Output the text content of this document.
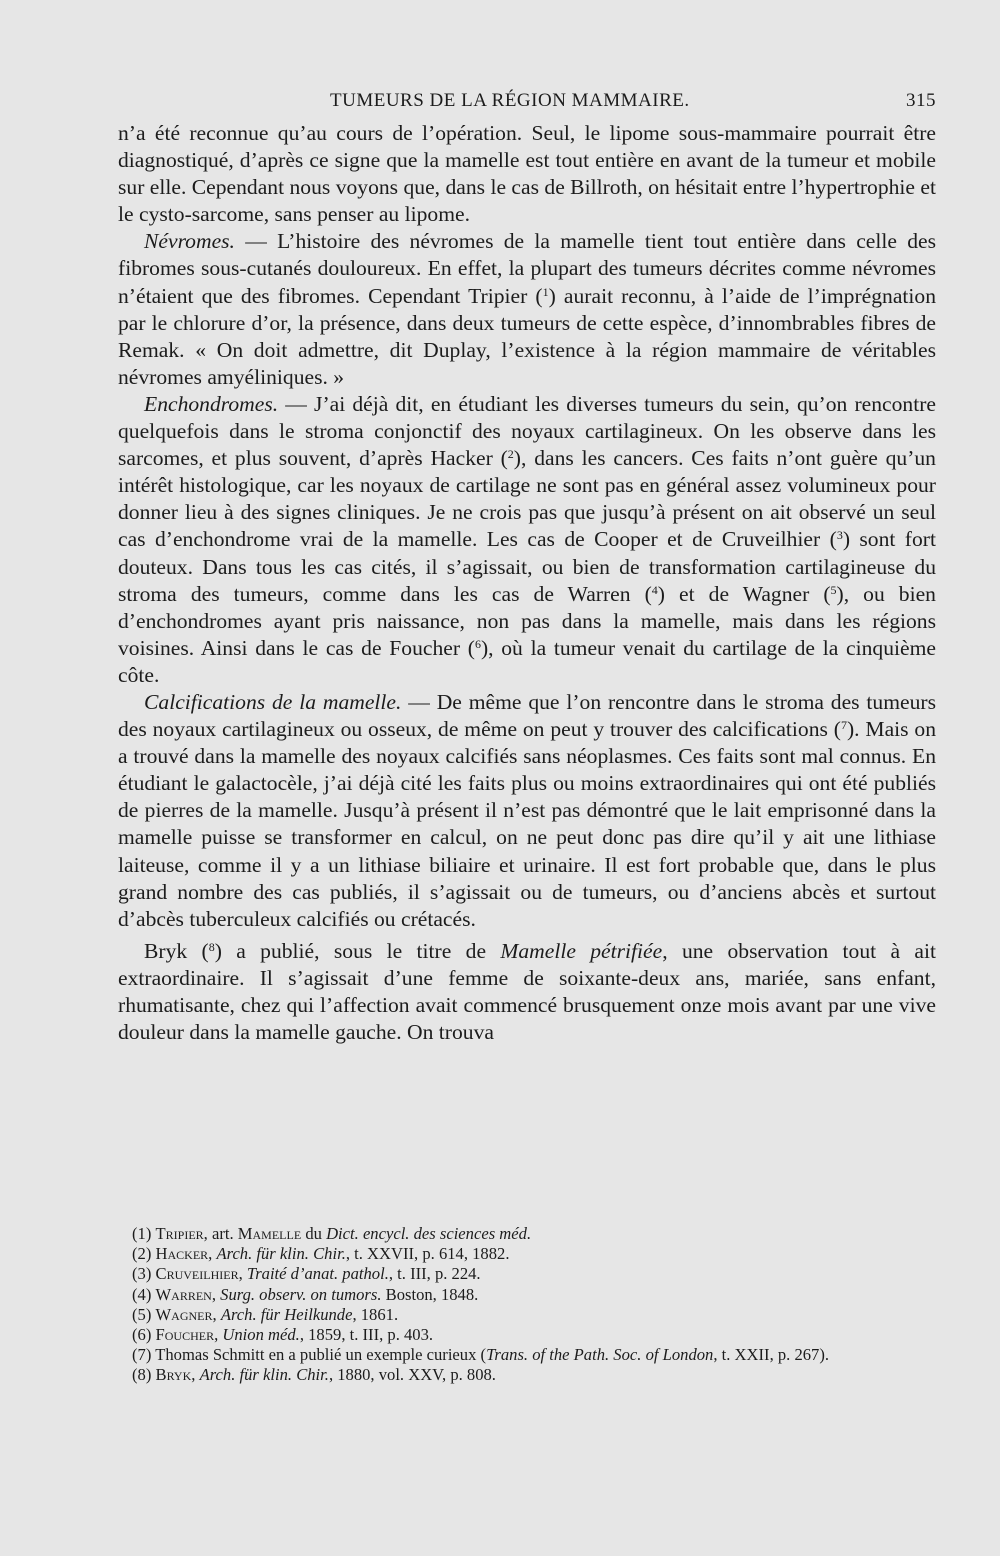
TUMEURS DE LA RÉGION MAMMAIRE.	315

n’a été reconnue qu’au cours de l’opération. Seul, le lipome sous-mammaire pourrait être diagnostiqué, d’après ce signe que la mamelle est tout entière en avant de la tumeur et mobile sur elle. Cependant nous voyons que, dans le cas de Billroth, on hésitait entre l’hypertrophie et le cysto-sarcome, sans penser au lipome.

Névromes. — L’histoire des névromes de la mamelle tient tout entière dans celle des fibromes sous-cutanés douloureux. En effet, la plupart des tumeurs décrites comme névromes n’étaient que des fibromes. Cependant Tripier ($^1$) aurait reconnu, à l’aide de l’imprégnation par le chlorure d’or, la présence, dans deux tumeurs de cette espèce, d’innombrables fibres de Remak. « On doit admettre, dit Duplay, l’existence à la région mammaire de véritables névromes amyéliniques. »

Enchondromes. — J’ai déjà dit, en étudiant les diverses tumeurs du sein, qu’on rencontre quelquefois dans le stroma conjonctif des noyaux cartilagineux. On les observe dans les sarcomes, et plus souvent, d’après Hacker ($^2$), dans les cancers. Ces faits n’ont guère qu’un intérêt histologique, car les noyaux de cartilage ne sont pas en général assez volumineux pour donner lieu à des signes cliniques. Je ne crois pas que jusqu’à présent on ait observé un seul cas d’enchondrome vrai de la mamelle. Les cas de Cooper et de Cruveilhier ($^3$) sont fort douteux. Dans tous les cas cités, il s’agissait, ou bien de transformation cartilagineuse du stroma des tumeurs, comme dans les cas de Warren ($^4$) et de Wagner ($^5$), ou bien d’enchondromes ayant pris naissance, non pas dans la mamelle, mais dans les régions voisines. Ainsi dans le cas de Foucher ($^6$), où la tumeur venait du cartilage de la cinquième côte.

Calcifications de la mamelle. — De même que l’on rencontre dans le stroma des tumeurs des noyaux cartilagineux ou osseux, de même on peut y trouver des calcifications ($^7$). Mais on a trouvé dans la mamelle des noyaux calcifiés sans néoplasmes. Ces faits sont mal connus. En étudiant le galactocèle, j’ai déjà cité les faits plus ou moins extraordinaires qui ont été publiés de pierres de la mamelle. Jusqu’à présent il n’est pas démontré que le lait emprisonné dans la mamelle puisse se transformer en calcul, on ne peut donc pas dire qu’il y ait une lithiase laiteuse, comme il y a un lithiase biliaire et urinaire. Il est fort probable que, dans le plus grand nombre des cas publiés, il s’agissait ou de tumeurs, ou d’anciens abcès et surtout d’abcès tuberculeux calcifiés ou crétacés.

Bryk ($^8$) a publié, sous le titre de Mamelle pétrifiée, une observation tout à ait extraordinaire. Il s’agissait d’une femme de soixante-deux ans, mariée, sans enfant, rhumatisante, chez qui l’affection avait commencé brusquement onze mois avant par une vive douleur dans la mamelle gauche. On trouva

(1) Tripier, art. Mamelle du Dict. encycl. des sciences méd.

(2) Hacker, Arch. für klin. Chir., t. XXVII, p. 614, 1882.

(3) Cruveilhier, Traité d’anat. pathol., t. III, p. 224.

(4) Warren, Surg. observ. on tumors. Boston, 1848.

(5) Wagner, Arch. für Heilkunde, 1861.

(6) Foucher, Union méd., 1859, t. III, p. 403.

(7) Thomas Schmitt en a publié un exemple curieux (Trans. of the Path. Soc. of London, t. XXII, p. 267).

(8) Bryk, Arch. für klin. Chir., 1880, vol. XXV, p. 808.
